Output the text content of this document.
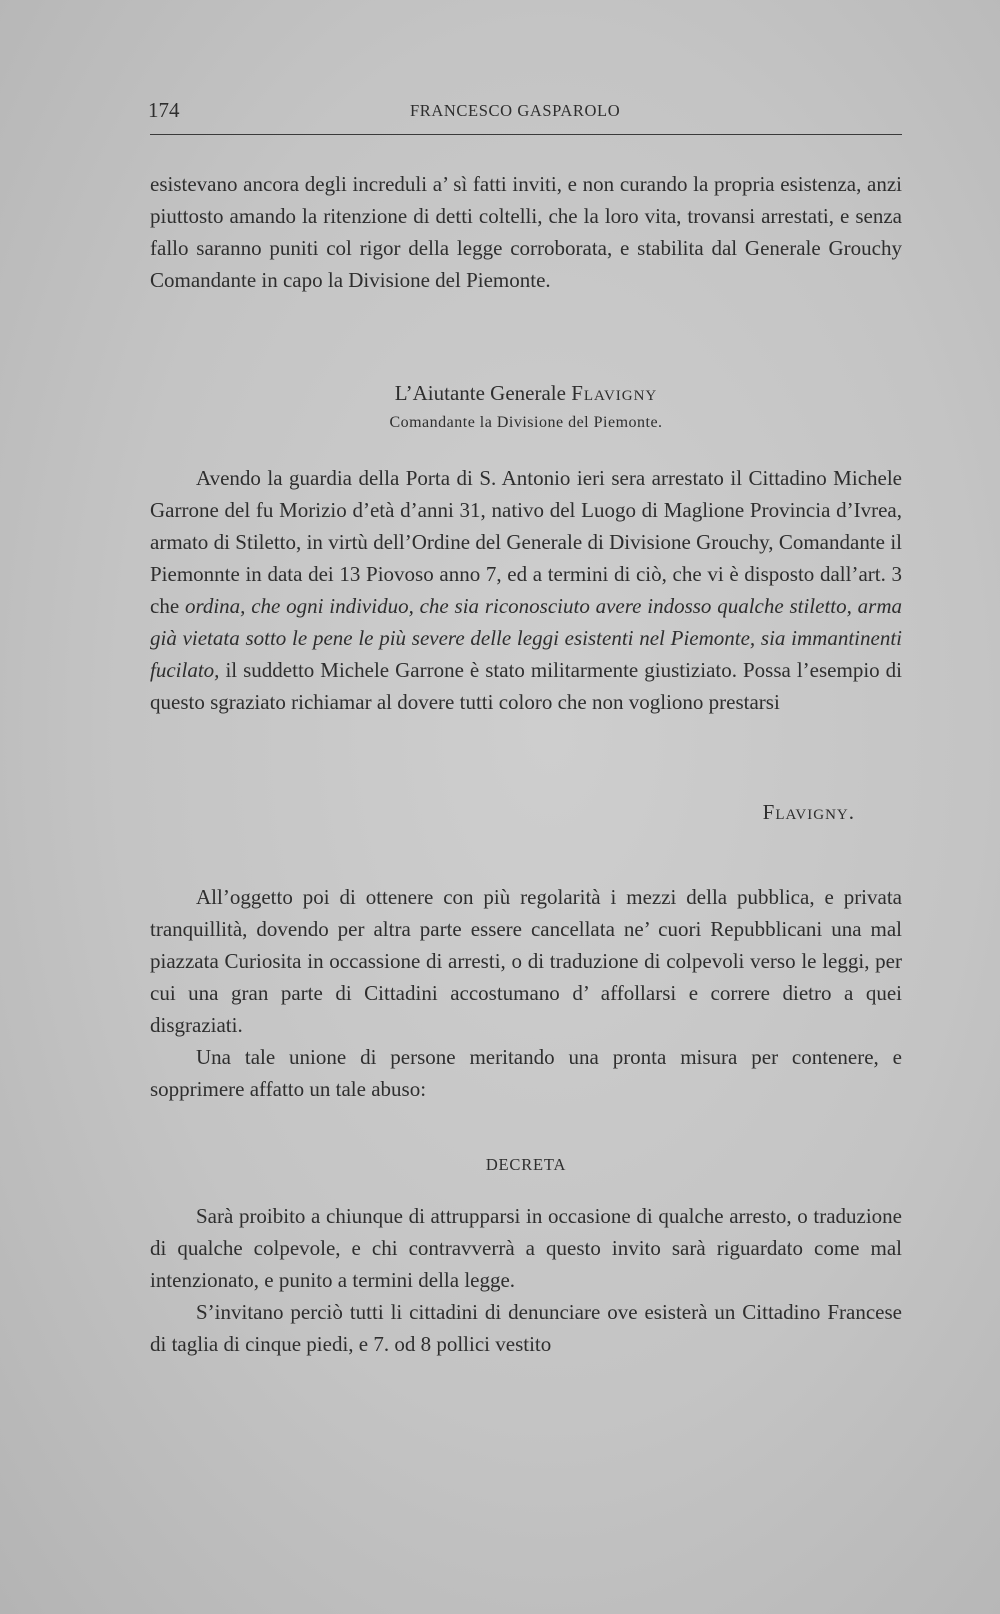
174	FRANCESCO GASPAROLO

esistevano ancora degli increduli a’ sì fatti inviti, e non curando la propria esistenza, anzi piuttosto amando la ritenzione di detti coltelli, che la loro vita, trovansi arrestati, e senza fallo saranno puniti col rigor della legge corroborata, e stabilita dal Generale Grouchy Comandante in capo la Divisione del Piemonte.

L’Aiutante Generale Flavigny
Comandante la Divisione del Piemonte.

Avendo la guardia della Porta di S. Antonio ieri sera arrestato il Cittadino Michele Garrone del fu Morizio d’età d’anni 31, nativo del Luogo di Maglione Provincia d’Ivrea, armato di Stiletto, in virtù dell’Ordine del Generale di Divisione Grouchy, Comandante il Piemonnte in data dei 13 Piovoso anno 7, ed a termini di ciò, che vi è disposto dall’art. 3 che ordina, che ogni individuo, che sia riconosciuto avere indosso qualche stiletto, arma già vietata sotto le pene le più severe delle leggi esistenti nel Piemonte, sia immantinenti fucilato, il suddetto Michele Garrone è stato militarmente giustiziato. Possa l’esempio di questo sgraziato richiamar al dovere tutti coloro che non vogliono prestarsi

Flavigny.

All’oggetto poi di ottenere con più regolarità i mezzi della pubblica, e privata tranquillità, dovendo per altra parte essere cancellata ne’ cuori Repubblicani una mal piazzata Curiosita in occassione di arresti, o di traduzione di colpevoli verso le leggi, per cui una gran parte di Cittadini accostumano d’ affollarsi e correre dietro a quei disgraziati.

Una tale unione di persone meritando una pronta misura per contenere, e sopprimere affatto un tale abuso:

DECRETA

Sarà proibito a chiunque di attrupparsi in occasione di qualche arresto, o traduzione di qualche colpevole, e chi contravverrà a questo invito sarà riguardato come mal intenzionato, e punito a termini della legge.

S’invitano perciò tutti li cittadini di denunciare ove esisterà un Cittadino Francese di taglia di cinque piedi, e 7. od 8 pollici vestito
